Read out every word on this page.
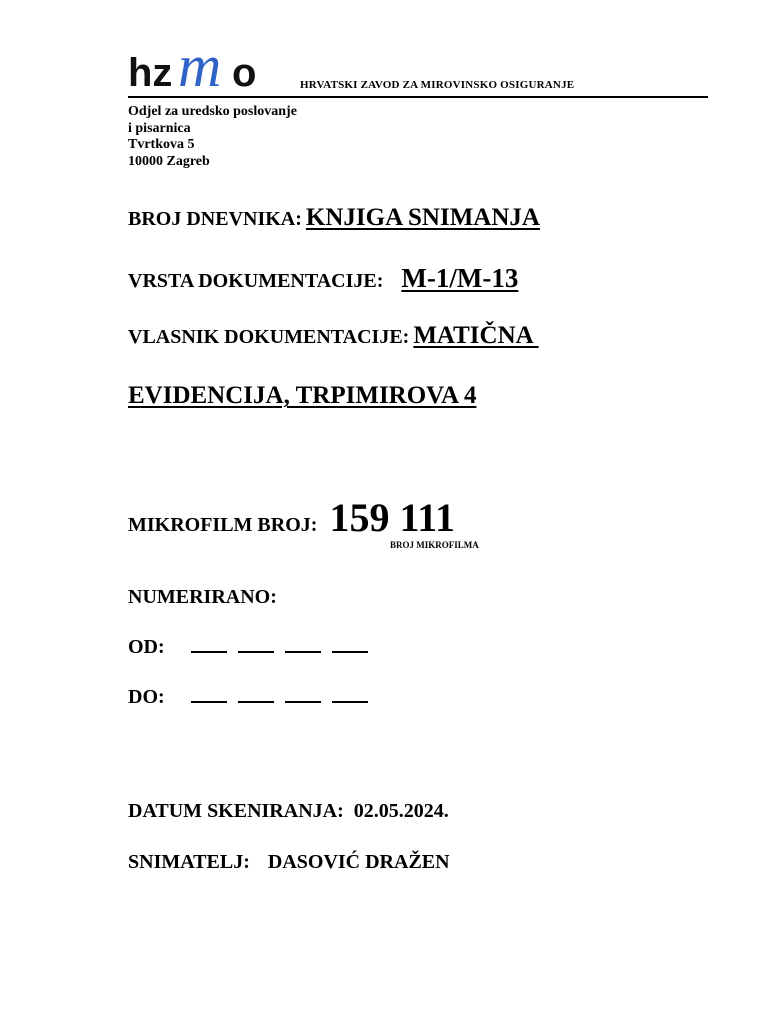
hz m o	HRVATSKI ZAVOD ZA MIROVINSKO OSIGURANJE
Odjel za uredsko poslovanje
i pisarnica
Tvrtkova 5
10000 Zagreb
BROJ DNEVNIKA: KNJIGA SNIMANJA
VRSTA DOKUMENTACIJE: M-1/M-13
VLASNIK DOKUMENTACIJE: MATIČNA
EVIDENCIJA, TRPIMIROVA 4
MIKROFILM BROJ: 159 111
BROJ MIKROFILMA
NUMERIRANO:
OD:
DO:
DATUM SKENIRANJA: 02.05.2024.
SNIMATELJ: DASOVIĆ DRAŽEN
